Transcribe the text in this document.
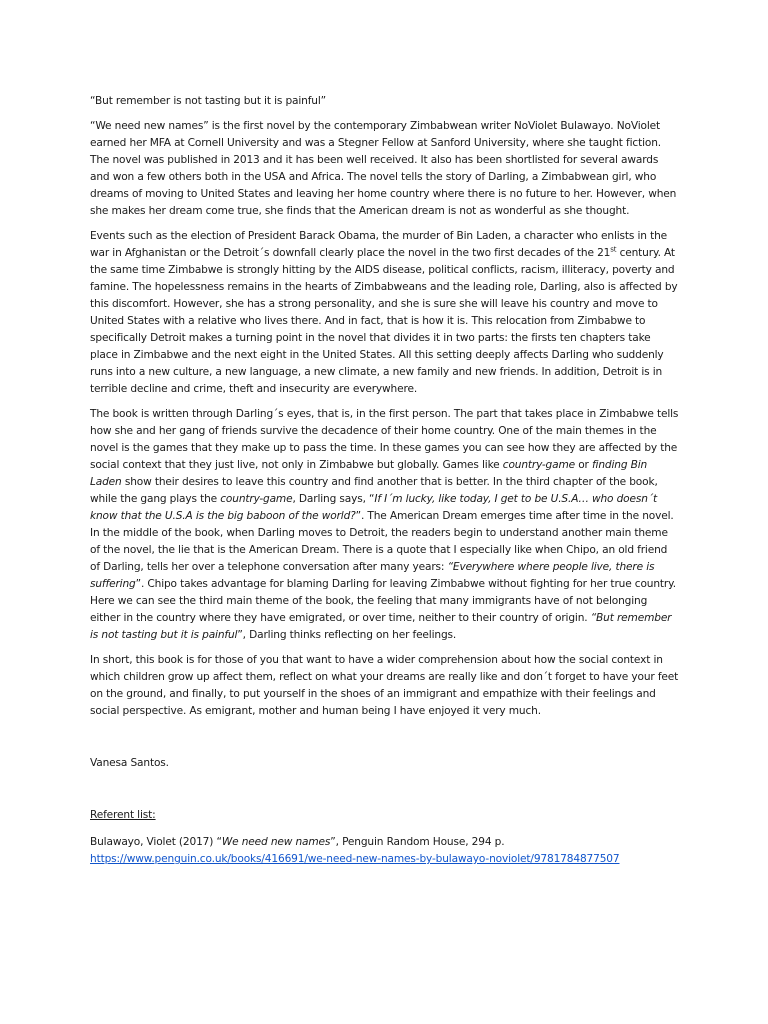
“But remember is not tasting but it is painful”

“We need new names” is the first novel by the contemporary Zimbabwean writer NoViolet Bulawayo. NoViolet earned her MFA at Cornell University and was a Stegner Fellow at Sanford University, where she taught fiction. The novel was published in 2013 and it has been well received. It also has been shortlisted for several awards and won a few others both in the USA and Africa. The novel tells the story of Darling, a Zimbabwean girl, who dreams of moving to United States and leaving her home country where there is no future to her. However, when she makes her dream come true, she finds that the American dream is not as wonderful as she thought.

Events such as the election of President Barack Obama, the murder of Bin Laden, a character who enlists in the war in Afghanistan or the Detroit´s downfall clearly place the novel in the two first decades of the 21st century. At the same time Zimbabwe is strongly hitting by the AIDS disease, political conflicts, racism, illiteracy, poverty and famine. The hopelessness remains in the hearts of Zimbabweans and the leading role, Darling, also is affected by this discomfort. However, she has a strong personality, and she is sure she will leave his country and move to United States with a relative who lives there. And in fact, that is how it is. This relocation from Zimbabwe to specifically Detroit makes a turning point in the novel that divides it in two parts: the firsts ten chapters take place in Zimbabwe and the next eight in the United States. All this setting deeply affects Darling who suddenly runs into a new culture, a new language, a new climate, a new family and new friends. In addition, Detroit is in terrible decline and crime, theft and insecurity are everywhere.

The book is written through Darling´s eyes, that is, in the first person. The part that takes place in Zimbabwe tells how she and her gang of friends survive the decadence of their home country. One of the main themes in the novel is the games that they make up to pass the time. In these games you can see how they are affected by the social context that they just live, not only in Zimbabwe but globally. Games like country-game or finding Bin Laden show their desires to leave this country and find another that is better. In the third chapter of the book, while the gang plays the country-game, Darling says, “If I´m lucky, like today, I get to be U.S.A… who doesn´t know that the U.S.A is the big baboon of the world?”. The American Dream emerges time after time in the novel. In the middle of the book, when Darling moves to Detroit, the readers begin to understand another main theme of the novel, the lie that is the American Dream. There is a quote that I especially like when Chipo, an old friend of Darling, tells her over a telephone conversation after many years: “Everywhere where people live, there is suffering”. Chipo takes advantage for blaming Darling for leaving Zimbabwe without fighting for her true country. Here we can see the third main theme of the book, the feeling that many immigrants have of not belonging either in the country where they have emigrated, or over time, neither to their country of origin. “But remember is not tasting but it is painful”, Darling thinks reflecting on her feelings.

In short, this book is for those of you that want to have a wider comprehension about how the social context in which children grow up affect them, reflect on what your dreams are really like and don´t forget to have your feet on the ground, and finally, to put yourself in the shoes of an immigrant and empathize with their feelings and social perspective. As emigrant, mother and human being I have enjoyed it very much.

Vanesa Santos.

Referent list:

Bulawayo, Violet (2017) “We need new names”, Penguin Random House, 294 p.
https://www.penguin.co.uk/books/416691/we-need-new-names-by-bulawayo-noviolet/9781784877507
